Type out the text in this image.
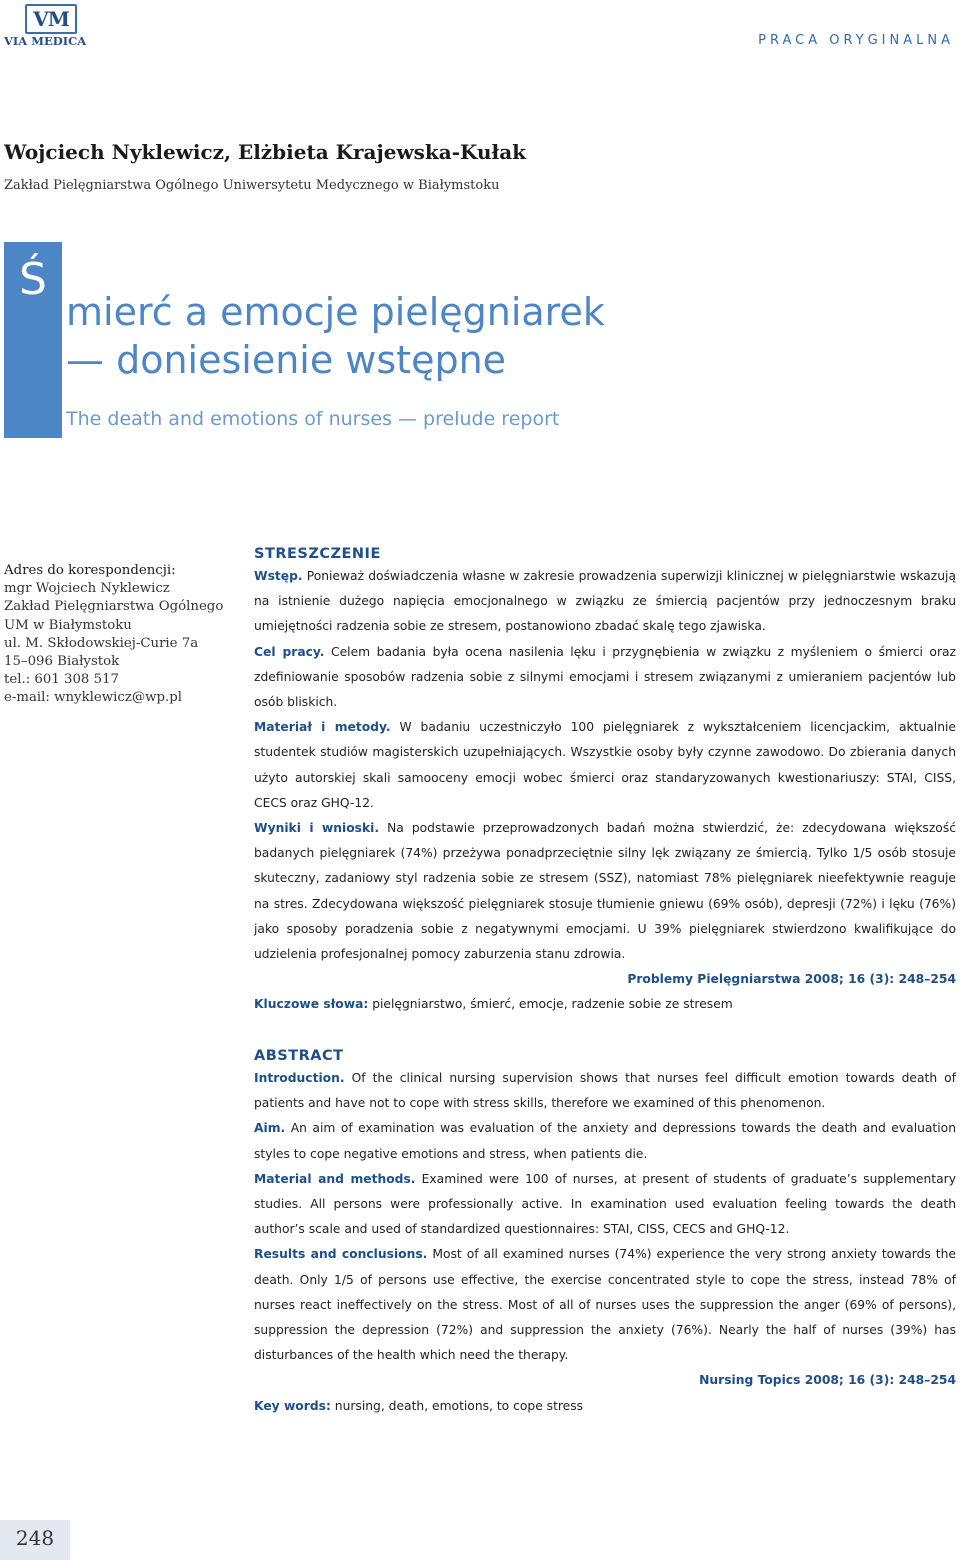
VM
VIA MEDICA	PRACA ORYGINALNA
Wojciech Nyklewicz, Elżbieta Krajewska-Kułak
Zakład Pielęgniarstwa Ogólnego Uniwersytetu Medycznego w Białymstoku
Ś
mierć a emocje pielęgniarek
— doniesienie wstępne
The death and emotions of nurses — prelude report
Adres do korespondencji:
mgr Wojciech Nyklewicz
Zakład Pielęgniarstwa Ogólnego
UM w Białymstoku
ul. M. Skłodowskiej-Curie 7a
15–096 Białystok
tel.: 601 308 517
e-mail: wnyklewicz@wp.pl
STRESZCZENIE
Wstęp. Ponieważ doświadczenia własne w zakresie prowadzenia superwizji klinicznej w pielęgniarstwie wskazują na istnienie dużego napięcia emocjonalnego w związku ze śmiercią pacjentów przy jednoczesnym braku umiejętności radzenia sobie ze stresem, postanowiono zbadać skalę tego zjawiska.
Cel pracy. Celem badania była ocena nasilenia lęku i przygnębienia w związku z myśleniem o śmierci oraz zdefiniowanie sposobów radzenia sobie z silnymi emocjami i stresem związanymi z umieraniem pacjentów lub osób bliskich.
Materiał i metody. W badaniu uczestniczyło 100 pielęgniarek z wykształceniem licencjackim, aktualnie studentek studiów magisterskich uzupełniających. Wszystkie osoby były czynne zawodowo. Do zbierania danych użyto autorskiej skali samooceny emocji wobec śmierci oraz standaryzowanych kwestionariuszy: STAI, CISS, CECS oraz GHQ-12.
Wyniki i wnioski. Na podstawie przeprowadzonych badań można stwierdzić, że: zdecydowana większość badanych pielęgniarek (74%) przeżywa ponadprzeciętnie silny lęk związany ze śmiercią. Tylko 1/5 osób stosuje skuteczny, zadaniowy styl radzenia sobie ze stresem (SSZ), natomiast 78% pielęgniarek nieefektywnie reaguje na stres. Zdecydowana większość pielęgniarek stosuje tłumienie gniewu (69% osób), depresji (72%) i lęku (76%) jako sposoby poradzenia sobie z negatywnymi emocjami. U 39% pielęgniarek stwierdzono kwalifikujące do udzielenia profesjonalnej pomocy zaburzenia stanu zdrowia.
Problemy Pielęgniarstwa 2008; 16 (3): 248–254
Kluczowe słowa: pielęgniarstwo, śmierć, emocje, radzenie sobie ze stresem
ABSTRACT
Introduction. Of the clinical nursing supervision shows that nurses feel difficult emotion towards death of patients and have not to cope with stress skills, therefore we examined of this phenomenon.
Aim. An aim of examination was evaluation of the anxiety and depressions towards the death and evaluation styles to cope negative emotions and stress, when patients die.
Material and methods. Examined were 100 of nurses, at present of students of graduate’s supplementary studies. All persons were professionally active. In examination used evaluation feeling towards the death author’s scale and used of standardized questionnaires: STAI, CISS, CECS and GHQ-12.
Results and conclusions. Most of all examined nurses (74%) experience the very strong anxiety towards the death. Only 1/5 of persons use effective, the exercise concentrated style to cope the stress, instead 78% of nurses react ineffectively on the stress. Most of all of nurses uses the suppression the anger (69% of persons), suppression the depression (72%) and suppression the anxiety (76%). Nearly the half of nurses (39%) has disturbances of the health which need the therapy.
Nursing Topics 2008; 16 (3): 248–254
Key words: nursing, death, emotions, to cope stress
248
